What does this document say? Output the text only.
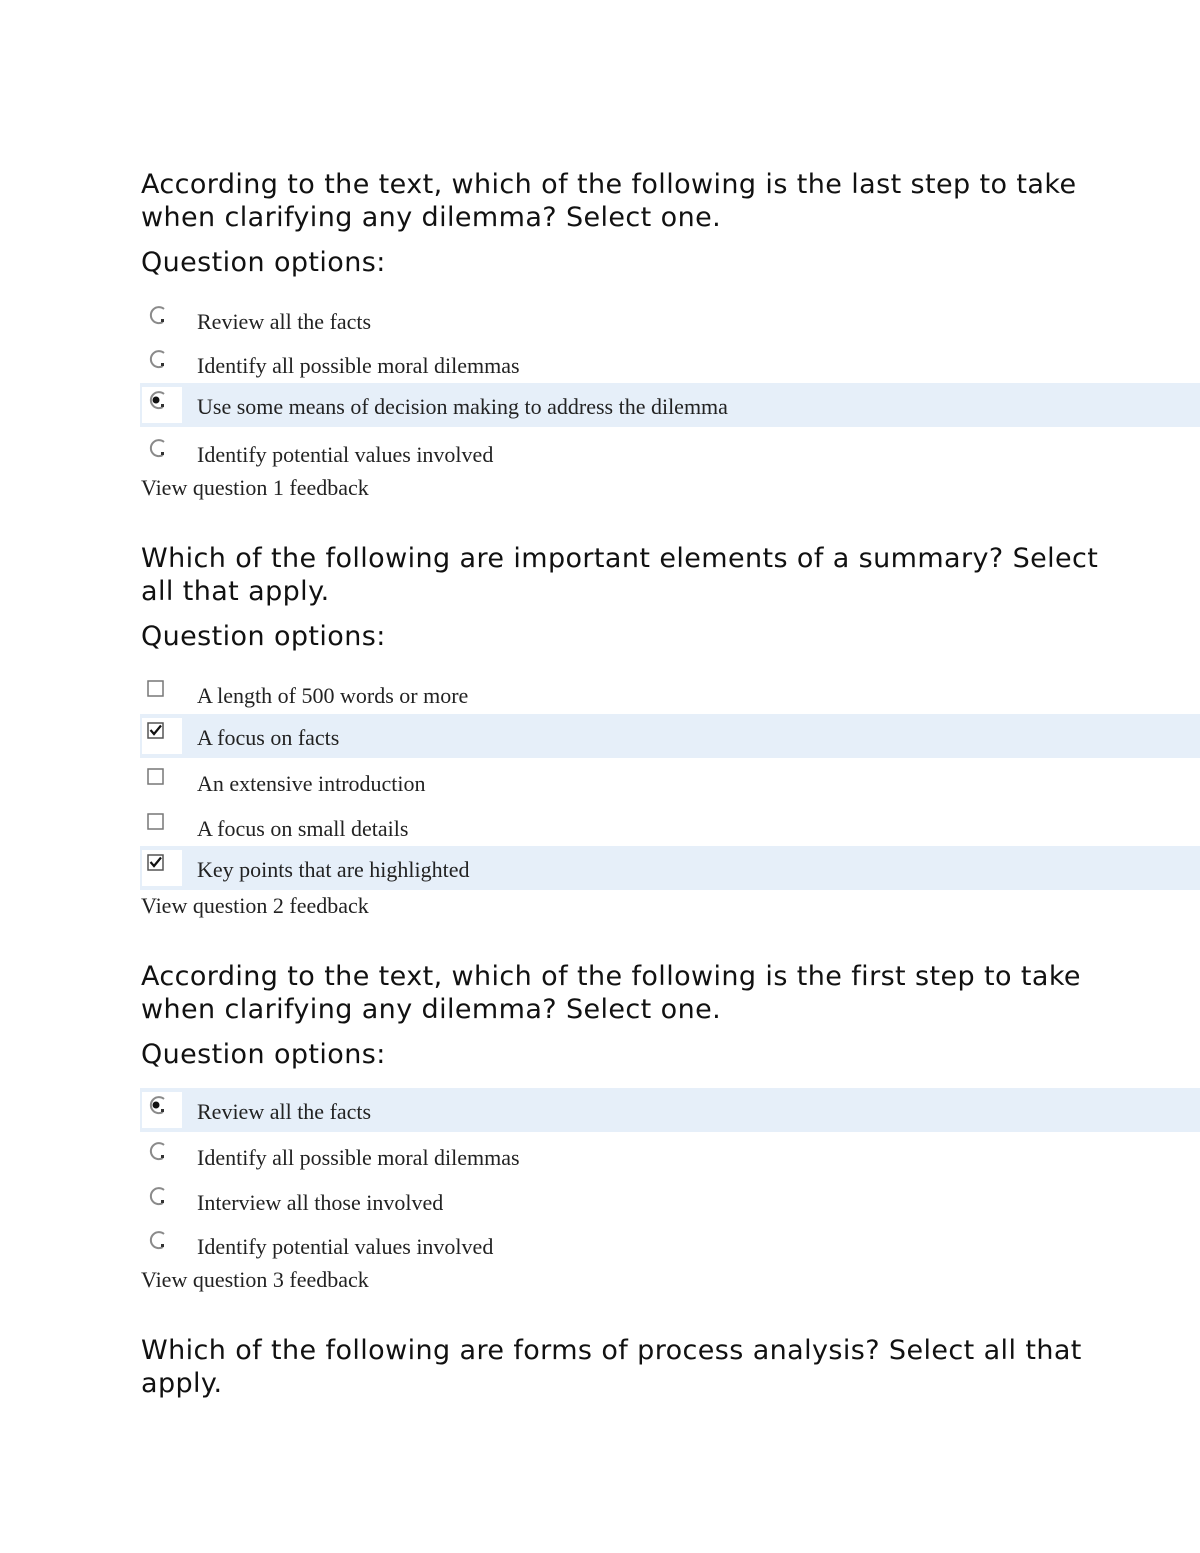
According to the text, which of the following is the last step to take when clarifying any dilemma? Select one.

Question options:
Review all the facts
Identify all possible moral dilemmas
Use some means of decision making to address the dilemma
Identify potential values involved
View question 1 feedback

Which of the following are important elements of a summary? Select all that apply.

Question options:
A length of 500 words or more
A focus on facts
An extensive introduction
A focus on small details
Key points that are highlighted
View question 2 feedback

According to the text, which of the following is the first step to take when clarifying any dilemma? Select one.

Question options:
Review all the facts
Identify all possible moral dilemmas
Interview all those involved
Identify potential values involved
View question 3 feedback

Which of the following are forms of process analysis? Select all that apply.
